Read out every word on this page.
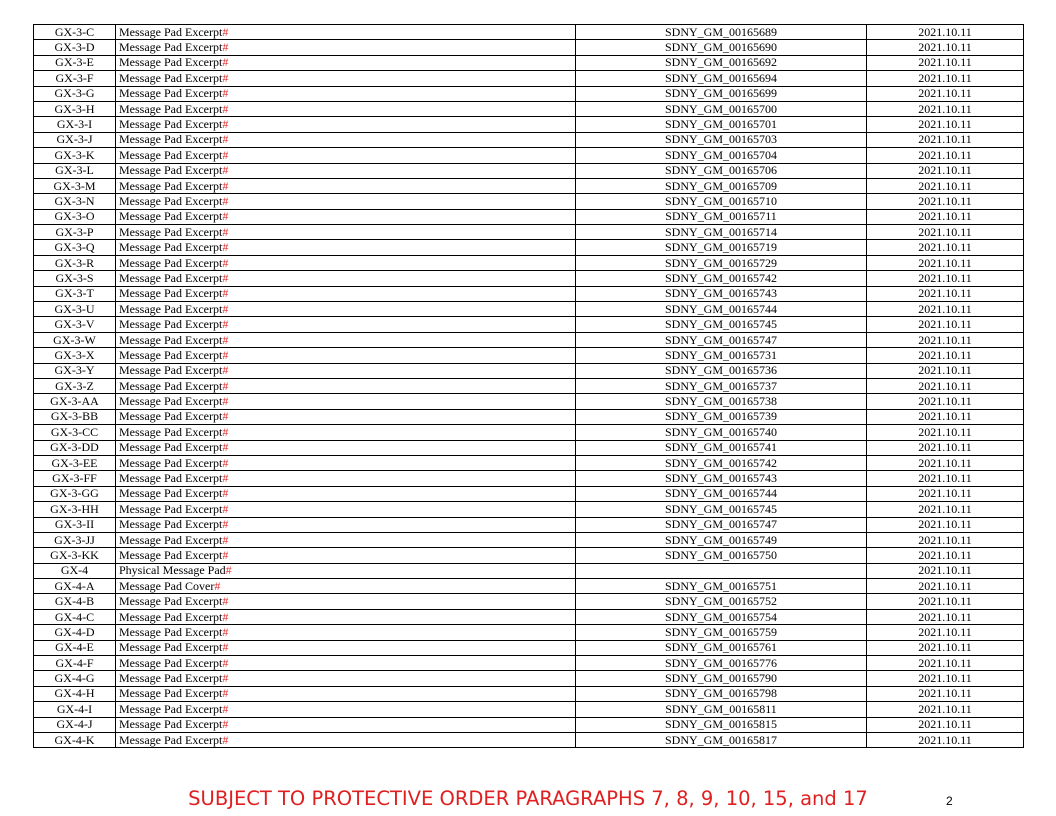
GX-3-C	Message Pad Excerpt#	SDNY_GM_00165689	2021.10.11
GX-3-D	Message Pad Excerpt#	SDNY_GM_00165690	2021.10.11
GX-3-E	Message Pad Excerpt#	SDNY_GM_00165692	2021.10.11
GX-3-F	Message Pad Excerpt#	SDNY_GM_00165694	2021.10.11
GX-3-G	Message Pad Excerpt#	SDNY_GM_00165699	2021.10.11
GX-3-H	Message Pad Excerpt#	SDNY_GM_00165700	2021.10.11
GX-3-I	Message Pad Excerpt#	SDNY_GM_00165701	2021.10.11
GX-3-J	Message Pad Excerpt#	SDNY_GM_00165703	2021.10.11
GX-3-K	Message Pad Excerpt#	SDNY_GM_00165704	2021.10.11
GX-3-L	Message Pad Excerpt#	SDNY_GM_00165706	2021.10.11
GX-3-M	Message Pad Excerpt#	SDNY_GM_00165709	2021.10.11
GX-3-N	Message Pad Excerpt#	SDNY_GM_00165710	2021.10.11
GX-3-O	Message Pad Excerpt#	SDNY_GM_00165711	2021.10.11
GX-3-P	Message Pad Excerpt#	SDNY_GM_00165714	2021.10.11
GX-3-Q	Message Pad Excerpt#	SDNY_GM_00165719	2021.10.11
GX-3-R	Message Pad Excerpt#	SDNY_GM_00165729	2021.10.11
GX-3-S	Message Pad Excerpt#	SDNY_GM_00165742	2021.10.11
GX-3-T	Message Pad Excerpt#	SDNY_GM_00165743	2021.10.11
GX-3-U	Message Pad Excerpt#	SDNY_GM_00165744	2021.10.11
GX-3-V	Message Pad Excerpt#	SDNY_GM_00165745	2021.10.11
GX-3-W	Message Pad Excerpt#	SDNY_GM_00165747	2021.10.11
GX-3-X	Message Pad Excerpt#	SDNY_GM_00165731	2021.10.11
GX-3-Y	Message Pad Excerpt#	SDNY_GM_00165736	2021.10.11
GX-3-Z	Message Pad Excerpt#	SDNY_GM_00165737	2021.10.11
GX-3-AA	Message Pad Excerpt#	SDNY_GM_00165738	2021.10.11
GX-3-BB	Message Pad Excerpt#	SDNY_GM_00165739	2021.10.11
GX-3-CC	Message Pad Excerpt#	SDNY_GM_00165740	2021.10.11
GX-3-DD	Message Pad Excerpt#	SDNY_GM_00165741	2021.10.11
GX-3-EE	Message Pad Excerpt#	SDNY_GM_00165742	2021.10.11
GX-3-FF	Message Pad Excerpt#	SDNY_GM_00165743	2021.10.11
GX-3-GG	Message Pad Excerpt#	SDNY_GM_00165744	2021.10.11
GX-3-HH	Message Pad Excerpt#	SDNY_GM_00165745	2021.10.11
GX-3-II	Message Pad Excerpt#	SDNY_GM_00165747	2021.10.11
GX-3-JJ	Message Pad Excerpt#	SDNY_GM_00165749	2021.10.11
GX-3-KK	Message Pad Excerpt#	SDNY_GM_00165750	2021.10.11
GX-4	Physical Message Pad#		2021.10.11
GX-4-A	Message Pad Cover#	SDNY_GM_00165751	2021.10.11
GX-4-B	Message Pad Excerpt#	SDNY_GM_00165752	2021.10.11
GX-4-C	Message Pad Excerpt#	SDNY_GM_00165754	2021.10.11
GX-4-D	Message Pad Excerpt#	SDNY_GM_00165759	2021.10.11
GX-4-E	Message Pad Excerpt#	SDNY_GM_00165761	2021.10.11
GX-4-F	Message Pad Excerpt#	SDNY_GM_00165776	2021.10.11
GX-4-G	Message Pad Excerpt#	SDNY_GM_00165790	2021.10.11
GX-4-H	Message Pad Excerpt#	SDNY_GM_00165798	2021.10.11
GX-4-I	Message Pad Excerpt#	SDNY_GM_00165811	2021.10.11
GX-4-J	Message Pad Excerpt#	SDNY_GM_00165815	2021.10.11
GX-4-K	Message Pad Excerpt#	SDNY_GM_00165817	2021.10.11
SUBJECT TO PROTECTIVE ORDER PARAGRAPHS 7, 8, 9, 10, 15, and 17	2
